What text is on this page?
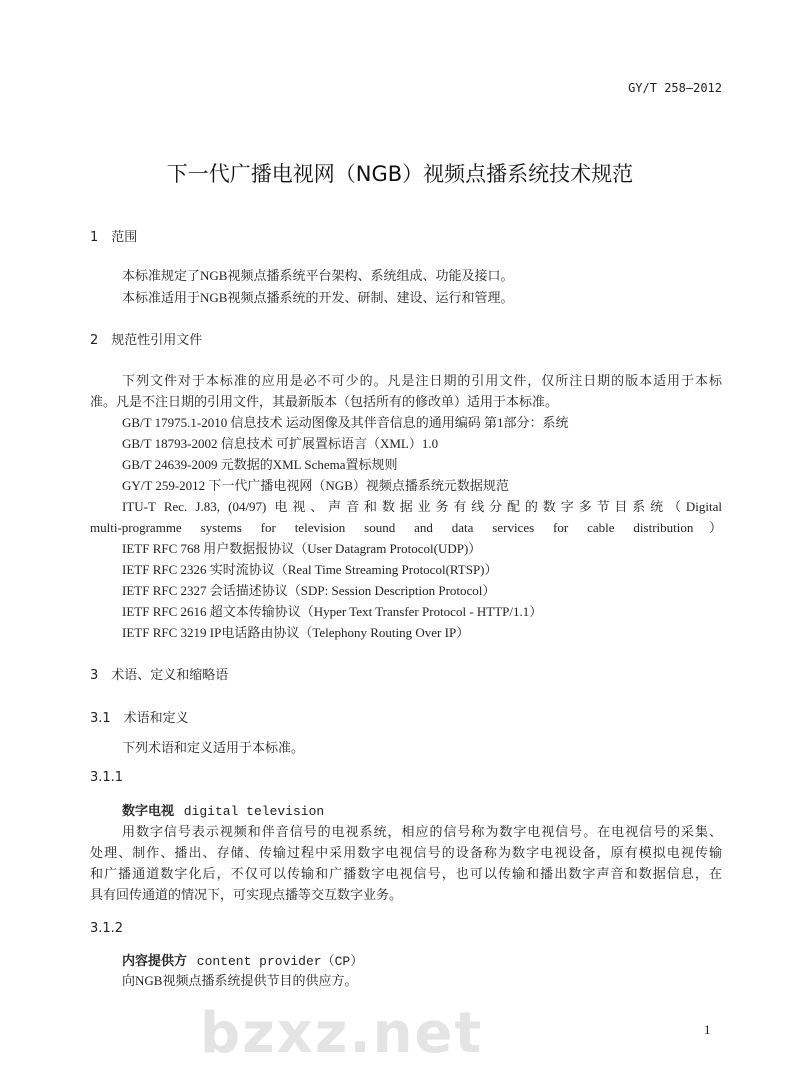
GY/T 258—2012
下一代广播电视网（NGB）视频点播系统技术规范
1　范围
本标准规定了NGB视频点播系统平台架构、系统组成、功能及接口。
本标准适用于NGB视频点播系统的开发、研制、建设、运行和管理。
2　规范性引用文件
下列文件对于本标准的应用是必不可少的。凡是注日期的引用文件，仅所注日期的版本适用于本标
准。凡是不注日期的引用文件，其最新版本（包括所有的修改单）适用于本标准。
GB/T 17975.1-2010 信息技术 运动图像及其伴音信息的通用编码 第1部分：系统
GB/T 18793-2002 信息技术 可扩展置标语言（XML）1.0
GB/T 24639-2009 元数据的XML Schema置标规则
GY/T 259-2012 下一代广播电视网（NGB）视频点播系统元数据规范
ITU-T Rec. J.83, (04/97) 电视、声音和数据业务有线分配的数字多节目系统（Digital
multi-programme systems for television sound and data services for cable distribution）
IETF RFC 768 用户数据报协议（User Datagram Protocol(UDP)）
IETF RFC 2326 实时流协议（Real Time Streaming Protocol(RTSP)）
IETF RFC 2327 会话描述协议（SDP: Session Description Protocol）
IETF RFC 2616 超文本传输协议（Hyper Text Transfer Protocol - HTTP/1.1）
IETF RFC 3219 IP电话路由协议（Telephony Routing Over IP）
3　术语、定义和缩略语
3.1　术语和定义
下列术语和定义适用于本标准。
3.1.1
数字电视 digital television
用数字信号表示视频和伴音信号的电视系统，相应的信号称为数字电视信号。在电视信号的采集、
处理、制作、播出、存储、传输过程中采用数字电视信号的设备称为数字电视设备，原有模拟电视传输
和广播通道数字化后，不仅可以传输和广播数字电视信号，也可以传输和播出数字声音和数据信息，在
具有回传通道的情况下，可实现点播等交互数字业务。
3.1.2
内容提供方 content provider（CP）
向NGB视频点播系统提供节目的供应方。
bzxz.net	1
